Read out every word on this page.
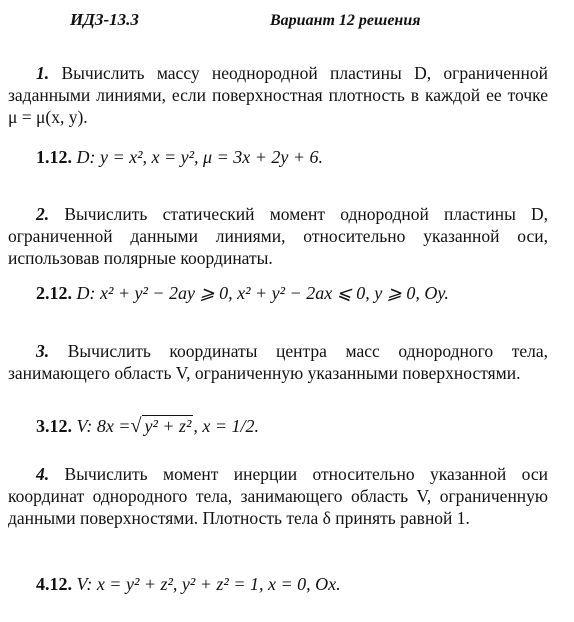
ИДЗ-13.3	Вариант 12 решения
1. Вычислить массу неоднородной пластины D, ограниченной заданными линиями, если поверхностная плотность в каждой ее точке μ = μ(x, y).
1.12. D: y = x², x = y², μ = 3x + 2y + 6.
2. Вычислить статический момент однородной пластины D, ограниченной данными линиями, относительно указанной оси, использовав полярные координаты.
2.12. D: x² + y² − 2ay ⩾ 0, x² + y² − 2ax ⩽ 0, y ⩾ 0, Oy.
3. Вычислить координаты центра масс однородного тела, занимающего область V, ограниченную указанными поверхностями.
3.12. V: 8x =√ y² + z² , x = 1/2.
4. Вычислить момент инерции относительно указанной оси координат однородного тела, занимающего область V, ограниченную данными поверхностями. Плотность тела δ принять равной 1.
4.12. V: x = y² + z², y² + z² = 1, x = 0, Ox.
